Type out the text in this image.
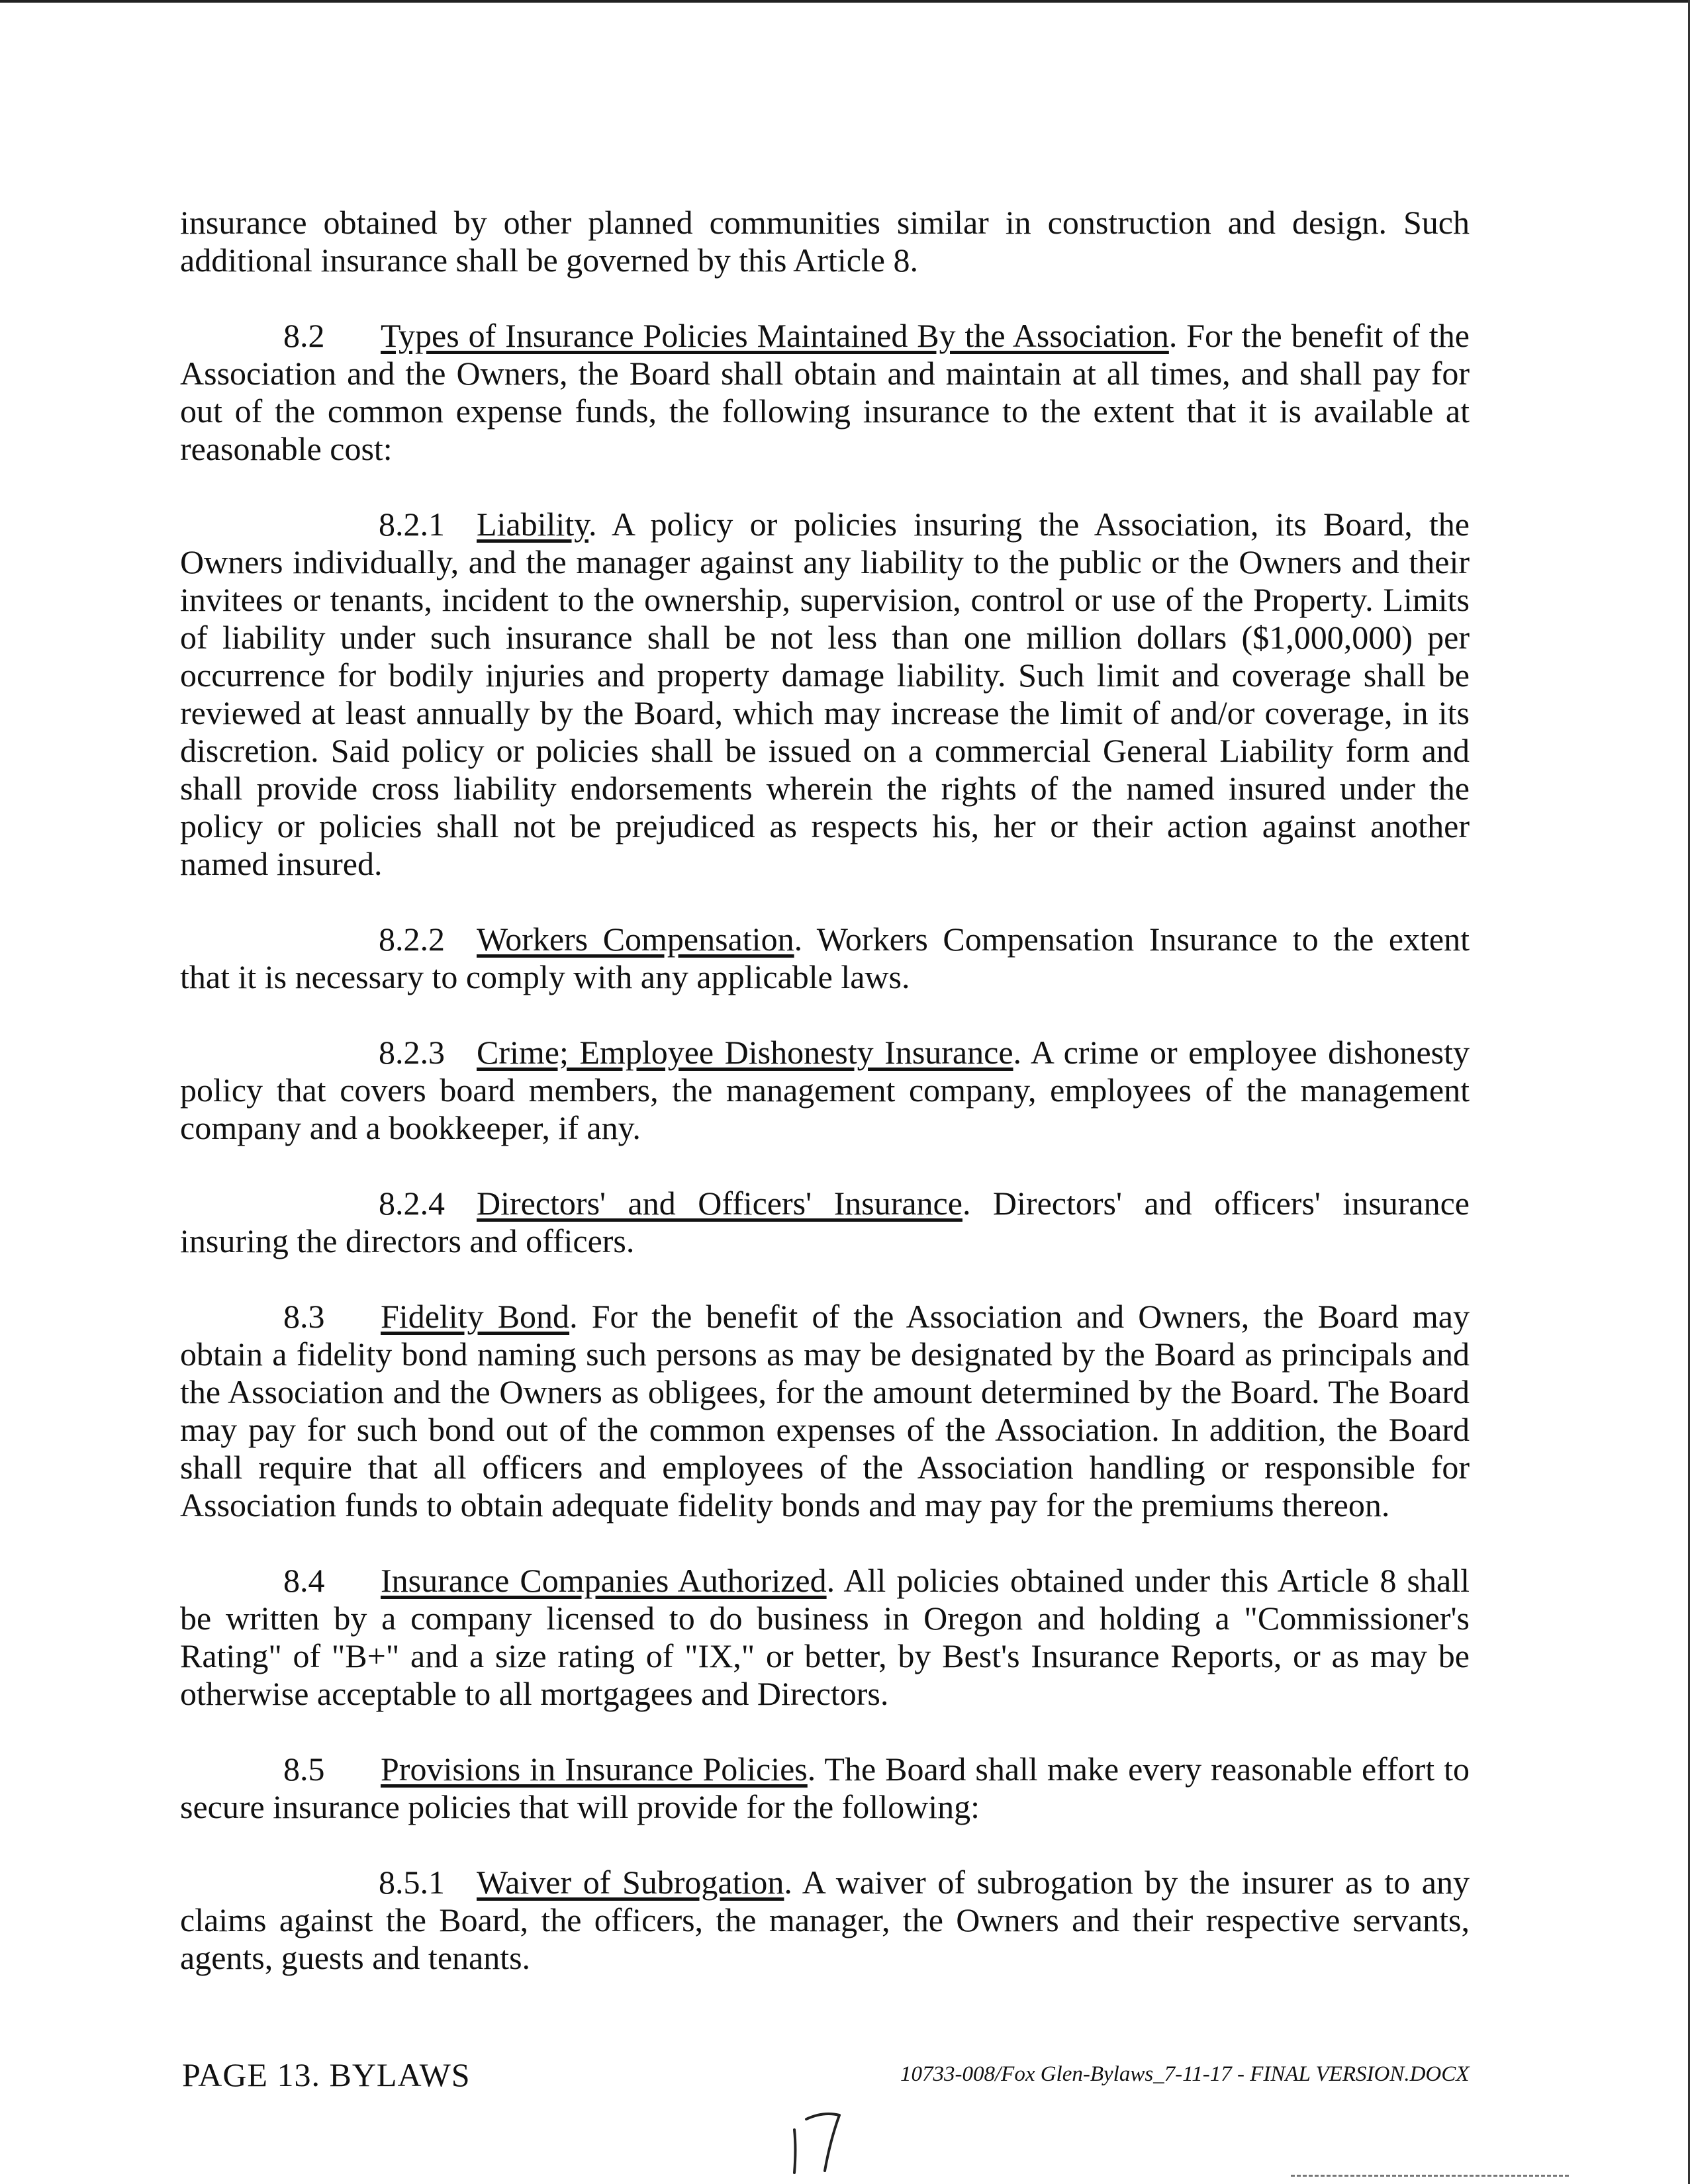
insurance obtained by other planned communities similar in construction and design. Such additional insurance shall be governed by this Article 8.

8.2 Types of Insurance Policies Maintained By the Association. For the benefit of the Association and the Owners, the Board shall obtain and maintain at all times, and shall pay for out of the common expense funds, the following insurance to the extent that it is available at reasonable cost:

8.2.1 Liability. A policy or policies insuring the Association, its Board, the Owners individually, and the manager against any liability to the public or the Owners and their invitees or tenants, incident to the ownership, supervision, control or use of the Property. Limits of liability under such insurance shall be not less than one million dollars ($1,000,000) per occurrence for bodily injuries and property damage liability. Such limit and coverage shall be reviewed at least annually by the Board, which may increase the limit of and/or coverage, in its discretion. Said policy or policies shall be issued on a commercial General Liability form and shall provide cross liability endorsements wherein the rights of the named insured under the policy or policies shall not be prejudiced as respects his, her or their action against another named insured.

8.2.2 Workers Compensation. Workers Compensation Insurance to the extent that it is necessary to comply with any applicable laws.

8.2.3 Crime; Employee Dishonesty Insurance. A crime or employee dishonesty policy that covers board members, the management company, employees of the management company and a bookkeeper, if any.

8.2.4 Directors' and Officers' Insurance. Directors' and officers' insurance insuring the directors and officers.

8.3 Fidelity Bond. For the benefit of the Association and Owners, the Board may obtain a fidelity bond naming such persons as may be designated by the Board as principals and the Association and the Owners as obligees, for the amount determined by the Board. The Board may pay for such bond out of the common expenses of the Association. In addition, the Board shall require that all officers and employees of the Association handling or responsible for Association funds to obtain adequate fidelity bonds and may pay for the premiums thereon.

8.4 Insurance Companies Authorized. All policies obtained under this Article 8 shall be written by a company licensed to do business in Oregon and holding a "Commissioner's Rating" of "B+" and a size rating of "IX," or better, by Best's Insurance Reports, or as may be otherwise acceptable to all mortgagees and Directors.

8.5 Provisions in Insurance Policies. The Board shall make every reasonable effort to secure insurance policies that will provide for the following:

8.5.1 Waiver of Subrogation. A waiver of subrogation by the insurer as to any claims against the Board, the officers, the manager, the Owners and their respective servants, agents, guests and tenants.

PAGE 13. BYLAWS	10733-008/Fox Glen-Bylaws_7-11-17 - FINAL VERSION.DOCX
